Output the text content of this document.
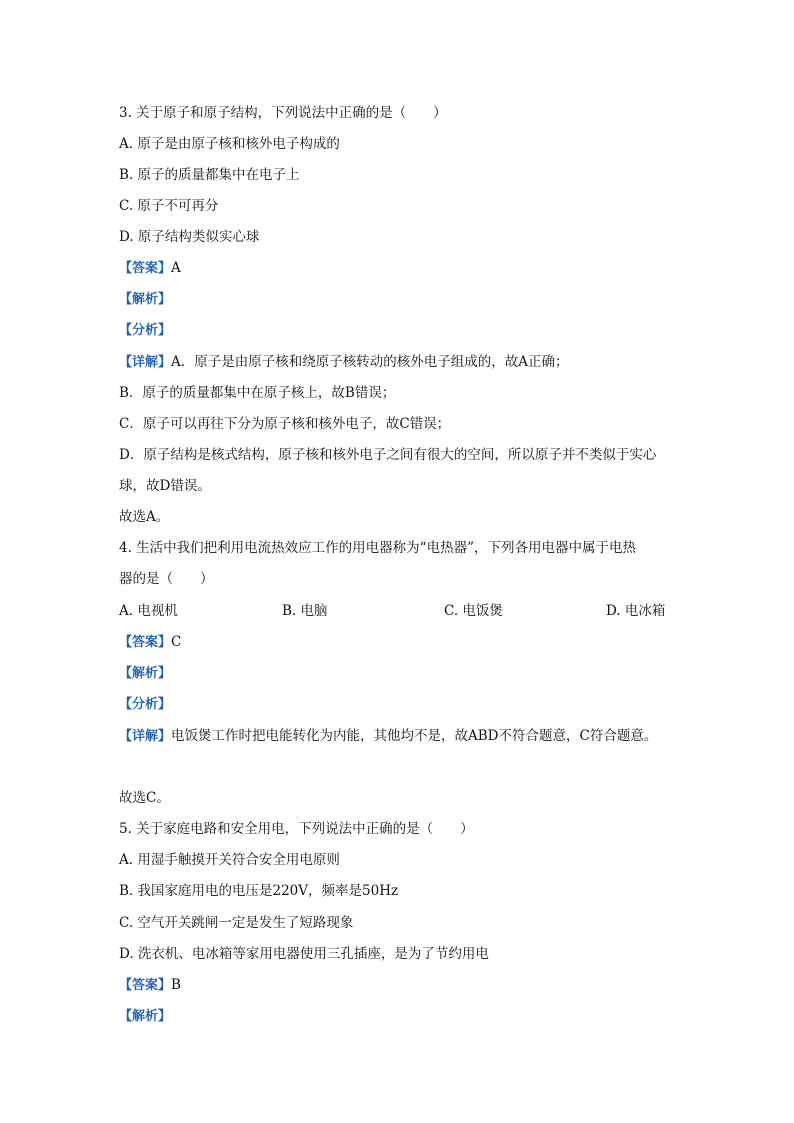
3. 关于原子和原子结构，下列说法中正确的是（　　）
A. 原子是由原子核和核外电子构成的
B. 原子的质量都集中在电子上
C. 原子不可再分
D. 原子结构类似实心球
【答案】A
【解析】
【分析】
【详解】A．原子是由原子核和绕原子核转动的核外电子组成的，故A正确；
B．原子的质量都集中在原子核上，故B错误；
C．原子可以再往下分为原子核和核外电子，故C错误；
D．原子结构是核式结构，原子核和核外电子之间有很大的空间，所以原子并不类似于实心
球，故D错误。
故选A。
4. 生活中我们把利用电流热效应工作的用电器称为“电热器”，下列各用电器中属于电热
器的是（　　）
A. 电视机	B. 电脑	C. 电饭煲	D. 电冰箱
【答案】C
【解析】
【分析】
【详解】电饭煲工作时把电能转化为内能，其他均不是，故ABD不符合题意，C符合题意。
故选C。
5. 关于家庭电路和安全用电，下列说法中正确的是（　　）
A. 用湿手触摸开关符合安全用电原则
B. 我国家庭用电的电压是220V，频率是50Hz
C. 空气开关跳闸一定是发生了短路现象
D. 洗衣机、电冰箱等家用电器使用三孔插座，是为了节约用电
【答案】B
【解析】
